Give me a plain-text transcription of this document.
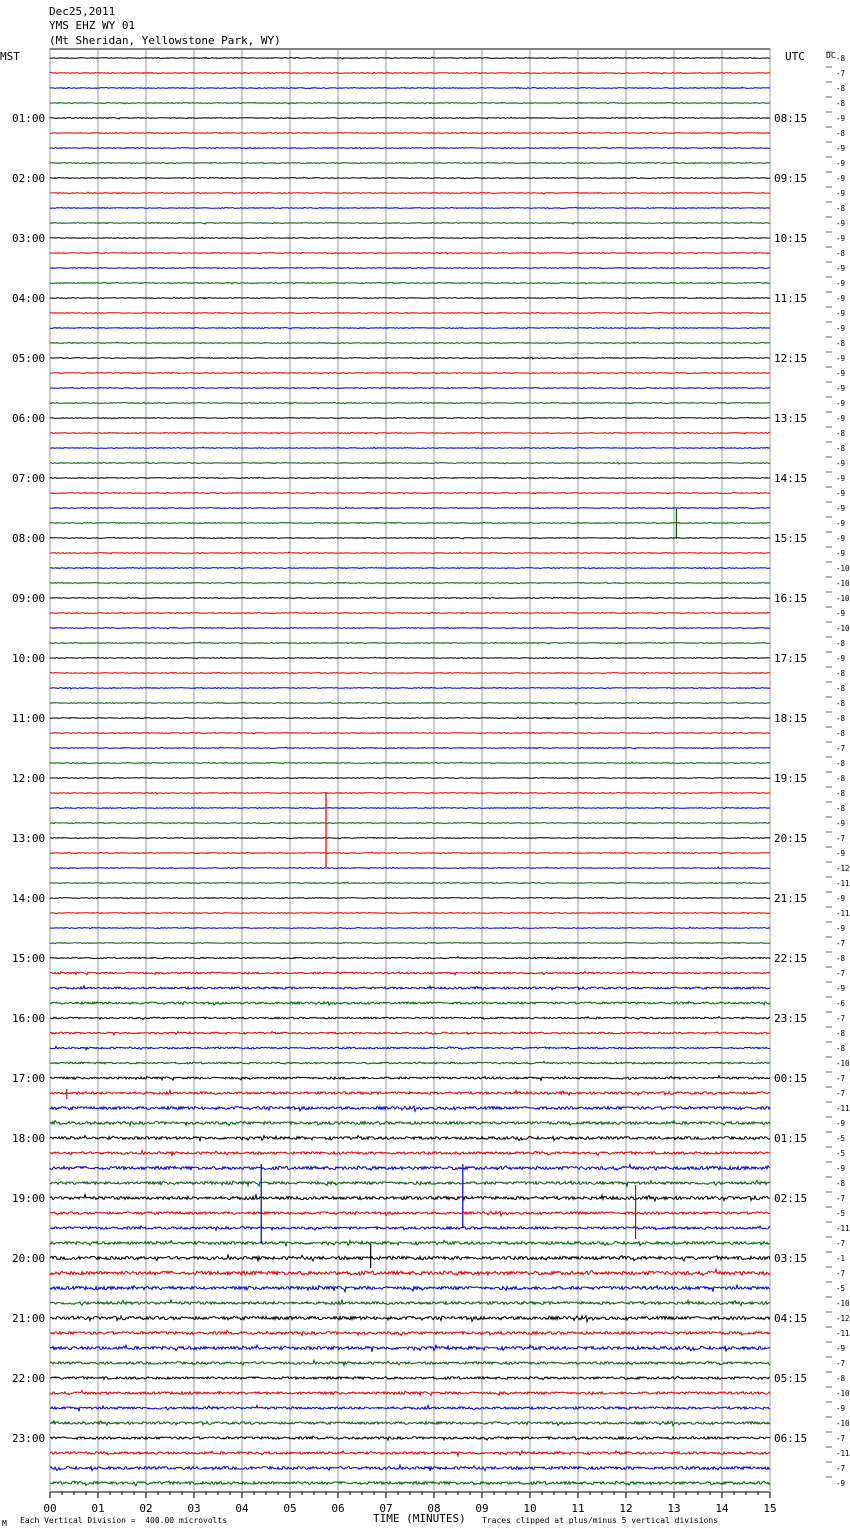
Dec25,2011
YMS EHZ WY 01
(Mt Sheridan, Yellowstone Park, WY)
MST	UTC	DC
00	01	02	03	04	05	06	07	08	09	10	11	12	13	14	15
-8
-7
-8
-8
-9
-8
-9
-9
-9
-9
-8
-9
-9
-8
-9
-9
-9
-9
-9
-8
-9
-9
-9
-9
-9
-8
-8
-9
-9
-9
-9
-9
-9
-9
-10
-10
-10
-9
-10
-8
-9
-8
-8
-8
-8
-8
-7
-8
-8
-8
-8
-9
-7
-9
-12
-11
-9
-11
-9
-7
-8
-7
-9
-6
-7
-8
-8
-10
-7
-7
-11
-9
-5
-5
-9
-8
-7
-5
-11
-7
-1
-7
-5
-10
-12
-11
-9
-7
-8
-10
-9
-10
-7
-11
-7
-9
01:00
02:00
03:00
04:00
05:00
06:00
07:00
08:00
09:00
10:00
11:00
12:00
13:00
14:00
15:00
16:00
17:00
18:00
19:00
20:00
21:00
22:00
23:00
08:15
09:15
10:15
11:15
12:15
13:15
14:15
15:15
16:15
17:15
18:15
19:15
20:15
21:15
22:15
23:15
00:15
01:15
02:15
03:15
04:15
05:15
06:15
M Each Vertical Division =  400.00 microvolts	TIME (MINUTES) Traces clipped at plus/minus 5 vertical divisions
